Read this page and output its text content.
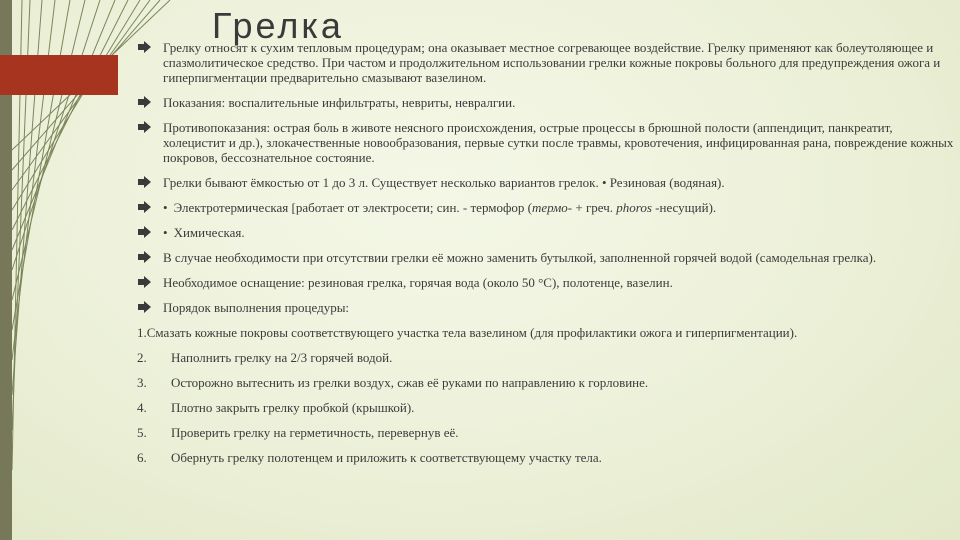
Грелка

Грелку относят к сухим тепловым процедурам; она оказывает местное согревающее воздействие. Грелку применяют как болеутоляющее и спазмолитическое средство. При частом и продолжительном использовании грелки кожные покровы больного для предупреждения ожога и гиперпигментации предварительно смазывают вазелином.

Показания: воспалительные инфильтраты, невриты, невралгии.

Противопоказания: острая боль в животе неясного происхождения, острые процессы в брюшной полости (аппендицит, панкреатит, холецистит и др.), злокачественные новообразования, первые сутки после травмы, кровотечения, инфицированная рана, повреждение кожных покровов, бессознательное состояние.

Грелки бывают ёмкостью от 1 до 3 л. Существует несколько вариантов грелок. • Резиновая (водяная).

• Электротермическая [работает от электросети; син. - термофор (термо- + греч. phoros -несущий).

• Химическая.

В случае необходимости при отсутствии грелки её можно заменить бутылкой, заполненной горячей водой (самодельная грелка).

Необходимое оснащение: резиновая грелка, горячая вода (около 50 °С), полотенце, вазелин.

Порядок выполнения процедуры:

1.Смазать кожные покровы соответствующего участка тела вазелином (для профилактики ожога и гиперпигментации).
2.	Наполнить грелку на 2/3 горячей водой.
3.	Осторожно вытеснить из грелки воздух, сжав её руками по направлению к горловине.
4.	Плотно закрыть грелку пробкой (крышкой).
5.	Проверить грелку на герметичность, перевернув её.
6.	Обернуть грелку полотенцем и приложить к соответствующему участку тела.
